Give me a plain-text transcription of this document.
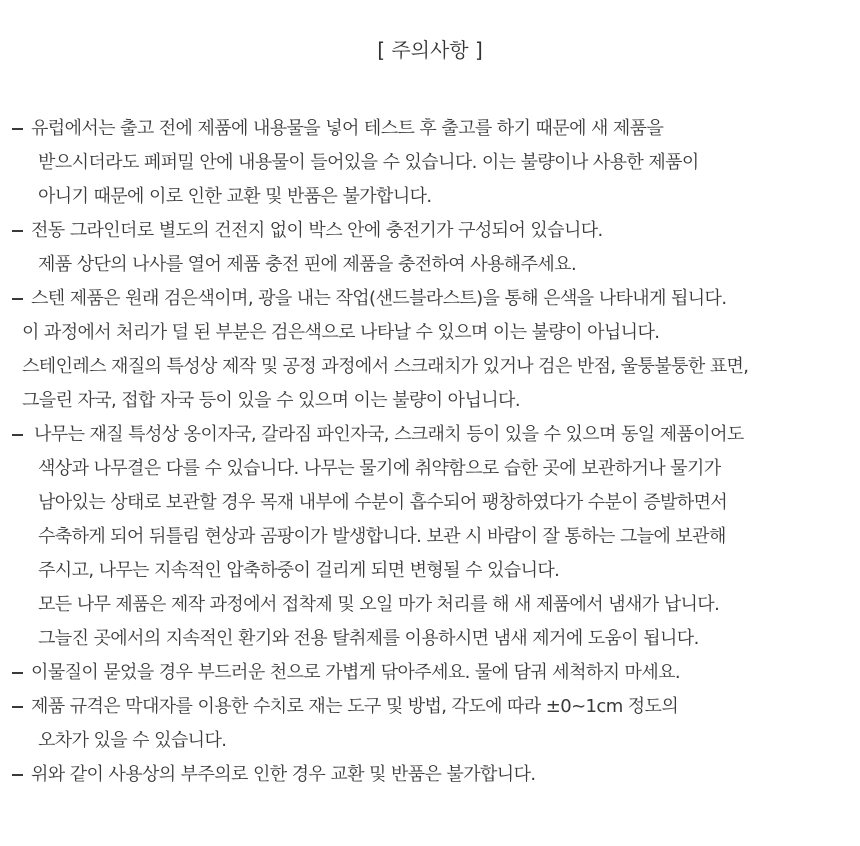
[ 주의사항 ]
유럽에서는 출고 전에 제품에 내용물을 넣어 테스트 후 출고를 하기 때문에 새 제품을
받으시더라도 페퍼밀 안에 내용물이 들어있을 수 있습니다. 이는 불량이나 사용한 제품이
아니기 때문에 이로 인한 교환 및 반품은 불가합니다.
전동 그라인더로 별도의 건전지 없이 박스 안에 충전기가 구성되어 있습니다.
제품 상단의 나사를 열어 제품 충전 핀에 제품을 충전하여 사용해주세요.
스텐 제품은 원래 검은색이며, 광을 내는 작업(샌드블라스트)을 통해 은색을 나타내게 됩니다.
이 과정에서 처리가 덜 된 부분은 검은색으로 나타날 수 있으며 이는 불량이 아닙니다.
스테인레스 재질의 특성상 제작 및 공정 과정에서 스크래치가 있거나 검은 반점, 울퉁불퉁한 표면,
그을린 자국, 접합 자국 등이 있을 수 있으며 이는 불량이 아닙니다.
나무는 재질 특성상 옹이자국, 갈라짐 파인자국, 스크래치 등이 있을 수 있으며 동일 제품이어도
색상과 나무결은 다를 수 있습니다. 나무는 물기에 취약함으로 습한 곳에 보관하거나 물기가
남아있는 상태로 보관할 경우 목재 내부에 수분이 흡수되어 팽창하였다가 수분이 증발하면서
수축하게 되어 뒤틀림 현상과 곰팡이가 발생합니다. 보관 시 바람이 잘 통하는 그늘에 보관해
주시고, 나무는 지속적인 압축하중이 걸리게 되면 변형될 수 있습니다.
모든 나무 제품은 제작 과정에서 접착제 및 오일 마가 처리를 해 새 제품에서 냄새가 납니다.
그늘진 곳에서의 지속적인 환기와 전용 탈취제를 이용하시면 냄새 제거에 도움이 됩니다.
이물질이 묻었을 경우 부드러운 천으로 가볍게 닦아주세요. 물에 담궈 세척하지 마세요.
제품 규격은 막대자를 이용한 수치로 재는 도구 및 방법, 각도에 따라 ±0~1cm 정도의
오차가 있을 수 있습니다.
위와 같이 사용상의 부주의로 인한 경우 교환 및 반품은 불가합니다.
